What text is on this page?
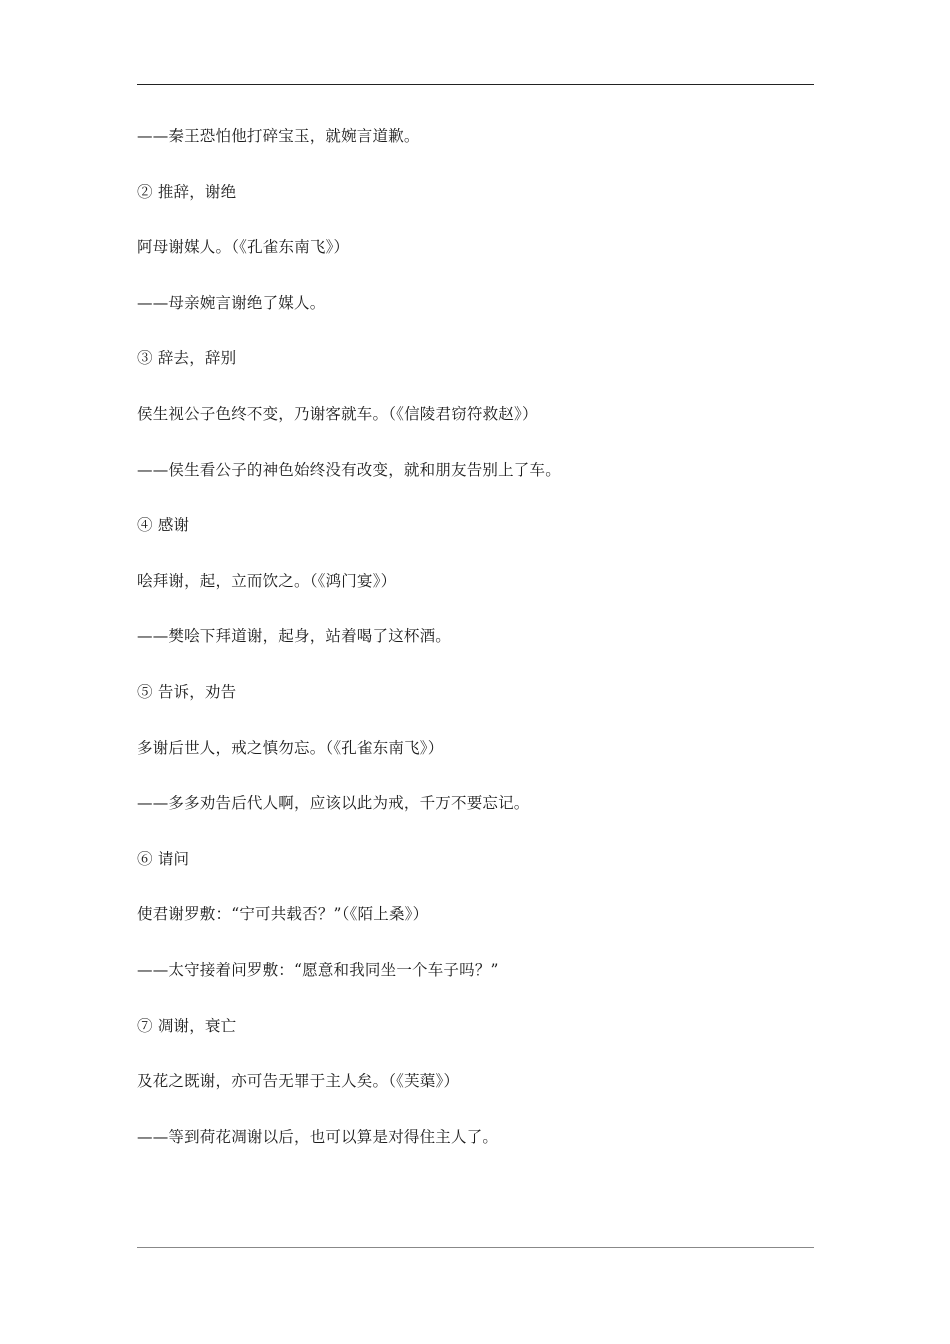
——秦王恐怕他打碎宝玉，就婉言道歉。
② 推辞，谢绝
阿母谢媒人。（《孔雀东南飞》）
——母亲婉言谢绝了媒人。
③ 辞去，辞别
侯生视公子色终不变，乃谢客就车。（《信陵君窃符救赵》）
——侯生看公子的神色始终没有改变，就和朋友告别上了车。
④ 感谢
哙拜谢，起，立而饮之。（《鸿门宴》）
——樊哙下拜道谢，起身，站着喝了这杯酒。
⑤ 告诉，劝告
多谢后世人，戒之慎勿忘。（《孔雀东南飞》）
——多多劝告后代人啊，应该以此为戒，千万不要忘记。
⑥ 请问
使君谢罗敷：“宁可共载否？”（《陌上桑》）
——太守接着问罗敷：“愿意和我同坐一个车子吗？”
⑦ 凋谢，衰亡
及花之既谢，亦可告无罪于主人矣。（《芙蕖》）
——等到荷花凋谢以后，也可以算是对得住主人了。
